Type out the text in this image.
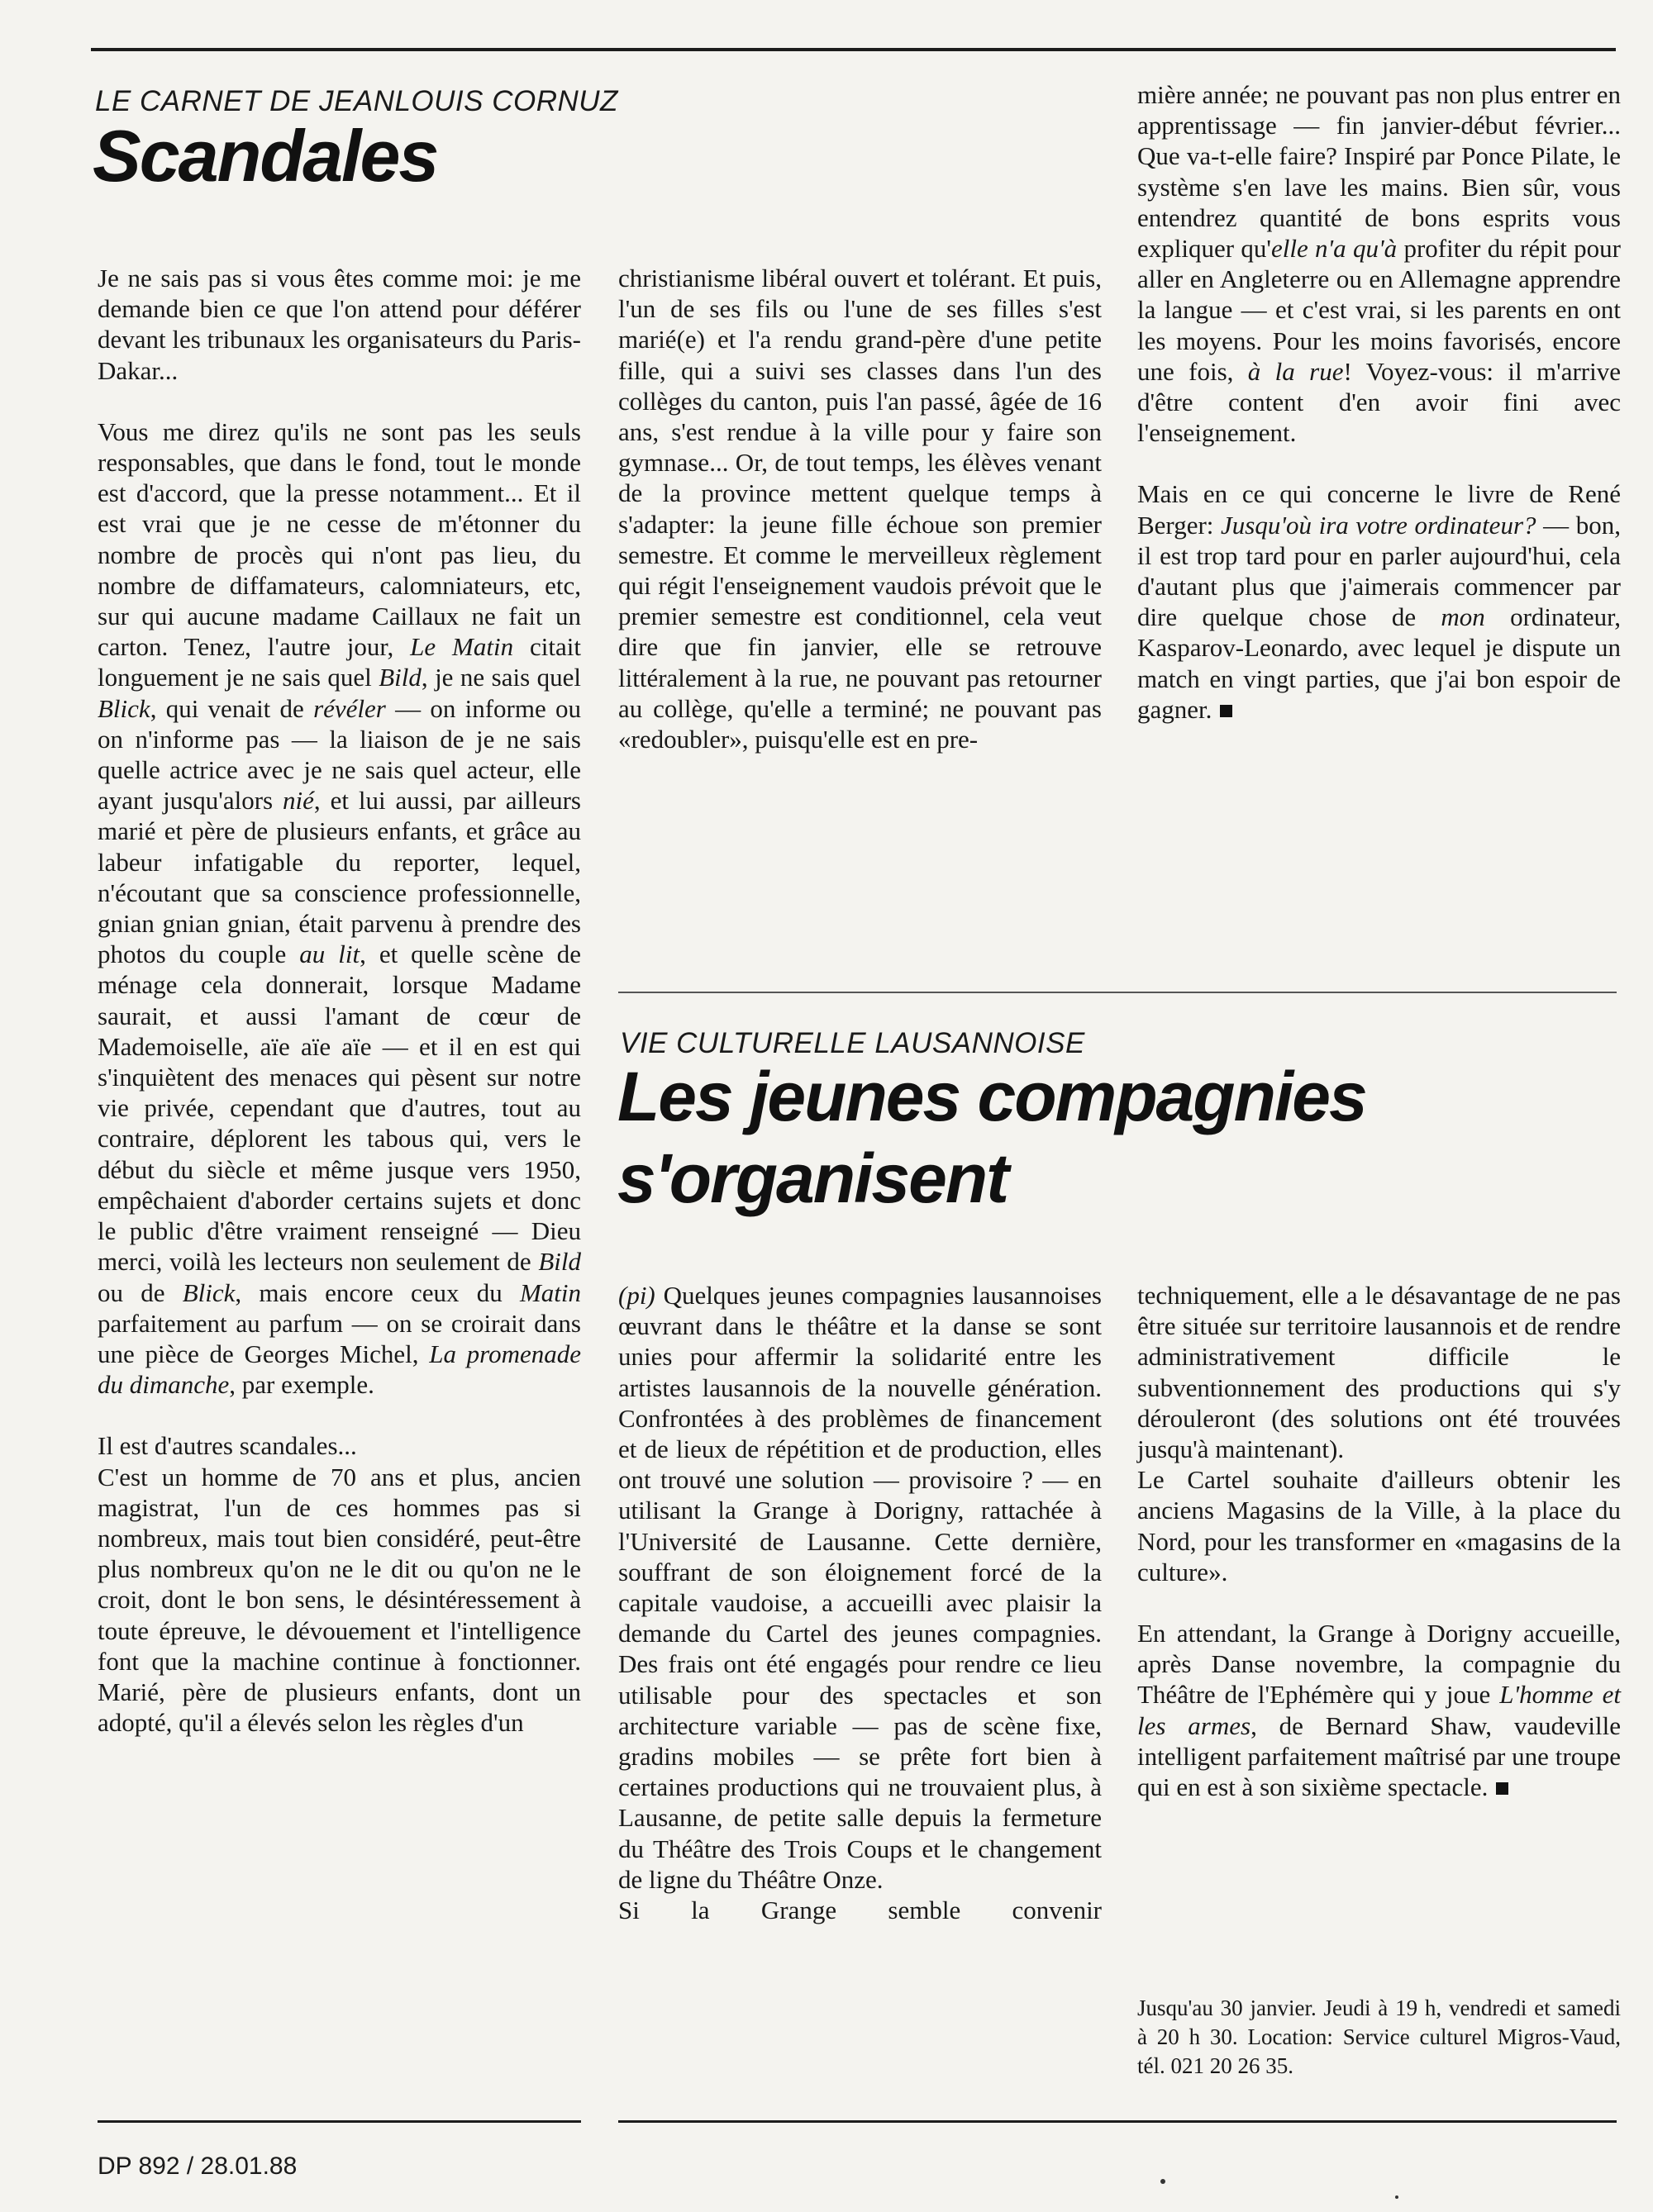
LE CARNET DE JEANLOUIS CORNUZ

Scandales

Je ne sais pas si vous êtes comme moi: je me demande bien ce que l'on attend pour déférer devant les tribunaux les organisateurs du Paris-Dakar...

Vous me direz qu'ils ne sont pas les seuls responsables, que dans le fond, tout le monde est d'accord, que la presse notamment... Et il est vrai que je ne cesse de m'étonner du nombre de procès qui n'ont pas lieu, du nombre de diffamateurs, calomniateurs, etc, sur qui aucune madame Caillaux ne fait un carton. Tenez, l'autre jour, Le Matin citait longuement je ne sais quel Bild, je ne sais quel Blick, qui venait de révéler — on informe ou on n'informe pas — la liaison de je ne sais quelle actrice avec je ne sais quel acteur, elle ayant jusqu'alors nié, et lui aussi, par ailleurs marié et père de plusieurs enfants, et grâce au labeur infatigable du reporter, lequel, n'écoutant que sa conscience professionnelle, gnian gnian gnian, était parvenu à prendre des photos du couple au lit, et quelle scène de ménage cela donnerait, lorsque Madame saurait, et aussi l'amant de cœur de Mademoiselle, aïe aïe aïe — et il en est qui s'inquiètent des menaces qui pèsent sur notre vie privée, cependant que d'autres, tout au contraire, déplorent les tabous qui, vers le début du siècle et même jusque vers 1950, empêchaient d'aborder certains sujets et donc le public d'être vraiment renseigné — Dieu merci, voilà les lecteurs non seulement de Bild ou de Blick, mais encore ceux du Matin parfaitement au parfum — on se croirait dans une pièce de Georges Michel, La promenade du dimanche, par exemple.

Il est d'autres scandales...

C'est un homme de 70 ans et plus, ancien magistrat, l'un de ces hommes pas si nombreux, mais tout bien considéré, peut-être plus nombreux qu'on ne le dit ou qu'on ne le croit, dont le bon sens, le désintéressement à toute épreuve, le dévouement et l'intelligence font que la machine continue à fonctionner. Marié, père de plusieurs enfants, dont un adopté, qu'il a élevés selon les règles d'un

christianisme libéral ouvert et tolérant. Et puis, l'un de ses fils ou l'une de ses filles s'est marié(e) et l'a rendu grand-père d'une petite fille, qui a suivi ses classes dans l'un des collèges du canton, puis l'an passé, âgée de 16 ans, s'est rendue à la ville pour y faire son gymnase... Or, de tout temps, les élèves venant de la province mettent quelque temps à s'adapter: la jeune fille échoue son premier semestre. Et comme le merveilleux règlement qui régit l'enseignement vaudois prévoit que le premier semestre est conditionnel, cela veut dire que fin janvier, elle se retrouve littéralement à la rue, ne pouvant pas retourner au collège, qu'elle a terminé; ne pouvant pas «redoubler», puisqu'elle est en pre-

mière année; ne pouvant pas non plus entrer en apprentissage — fin janvier-début février... Que va-t-elle faire? Inspiré par Ponce Pilate, le système s'en lave les mains. Bien sûr, vous entendrez quantité de bons esprits vous expliquer qu'elle n'a qu'à profiter du répit pour aller en Angleterre ou en Allemagne apprendre la langue — et c'est vrai, si les parents en ont les moyens. Pour les moins favorisés, encore une fois, à la rue! Voyez-vous: il m'arrive d'être content d'en avoir fini avec l'enseignement.

Mais en ce qui concerne le livre de René Berger: Jusqu'où ira votre ordinateur? — bon, il est trop tard pour en parler aujourd'hui, cela d'autant plus que j'aimerais commencer par dire quelque chose de mon ordinateur, Kasparov-Leonardo, avec lequel je dispute un match en vingt parties, que j'ai bon espoir de gagner.

VIE CULTURELLE LAUSANNOISE

Les jeunes compagnies
s'organisent

(pi) Quelques jeunes compagnies lausannoises œuvrant dans le théâtre et la danse se sont unies pour affermir la solidarité entre les artistes lausannois de la nouvelle génération. Confrontées à des problèmes de financement et de lieux de répétition et de production, elles ont trouvé une solution — provisoire ? — en utilisant la Grange à Dorigny, rattachée à l'Université de Lausanne. Cette dernière, souffrant de son éloignement forcé de la capitale vaudoise, a accueilli avec plaisir la demande du Cartel des jeunes compagnies. Des frais ont été engagés pour rendre ce lieu utilisable pour des spectacles et son architecture variable — pas de scène fixe, gradins mobiles — se prête fort bien à certaines productions qui ne trouvaient plus, à Lausanne, de petite salle depuis la fermeture du Théâtre des Trois Coups et le changement de ligne du Théâtre Onze.

Si la Grange semble convenir

techniquement, elle a le désavantage de ne pas être située sur territoire lausannois et de rendre administrativement difficile le subventionnement des productions qui s'y dérouleront (des solutions ont été trouvées jusqu'à maintenant).

Le Cartel souhaite d'ailleurs obtenir les anciens Magasins de la Ville, à la place du Nord, pour les transformer en «magasins de la culture».

En attendant, la Grange à Dorigny accueille, après Danse novembre, la compagnie du Théâtre de l'Ephémère qui y joue L'homme et les armes, de Bernard Shaw, vaudeville intelligent parfaitement maîtrisé par une troupe qui en est à son sixième spectacle.

Jusqu'au 30 janvier. Jeudi à 19 h, vendredi et samedi à 20 h 30. Location: Service culturel Migros-Vaud, tél. 021 20 26 35.

DP 892 / 28.01.88
